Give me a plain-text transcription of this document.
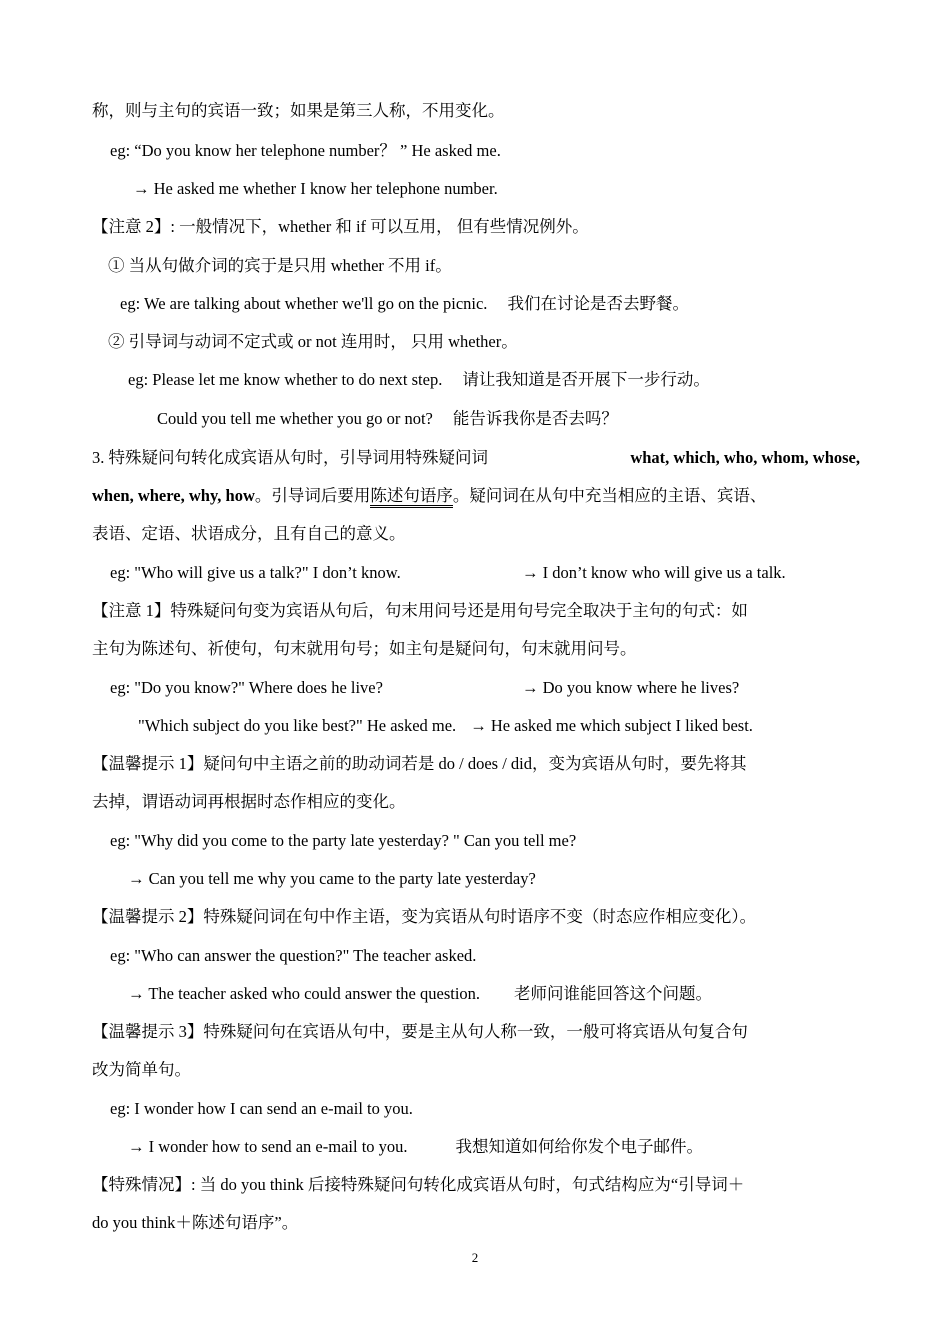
称，则与主句的宾语一致；如果是第三人称，不用变化。
eg: “Do you know her telephone number？ ” He asked me.
→ He asked me whether I know her telephone number.
【注意 2】: 一般情况下，whether 和 if 可以互用， 但有些情况例外。
① 当从句做介词的宾于是只用 whether 不用 if。
eg: We are talking about whether we'll go on the picnic. 我们在讨论是否去野餐。
② 引导词与动词不定式或 or not 连用时， 只用 whether。
eg: Please let me know whether to do next step. 请让我知道是否开展下一步行动。
Could you tell me whether you go or not? 能告诉我你是否去吗？
3. 特殊疑问句转化成宾语从句时，引导词用特殊疑问词	what, which, who, whom, whose,
when, where, why, how。引导词后要用陈述句语序。疑问词在从句中充当相应的主语、宾语、
表语、定语、状语成分，且有自己的意义。
eg: "Who will give us a talk?" I don’t know.	→ I don’t know who will give us a talk.
【注意 1】特殊疑问句变为宾语从句后，句末用问号还是用句号完全取决于主句的句式：如
主句为陈述句、祈使句，句末就用句号；如主句是疑问句，句末就用问号。
eg: "Do you know?" Where does he live?	→ Do you know where he lives?
"Which subject do you like best?" He asked me. → He asked me which subject I liked best.
【温馨提示 1】疑问句中主语之前的助动词若是 do / does / did，变为宾语从句时，要先将其
去掉，谓语动词再根据时态作相应的变化。
eg: "Why did you come to the party late yesterday? " Can you tell me?
→ Can you tell me why you came to the party late yesterday?
【温馨提示 2】特殊疑问词在句中作主语，变为宾语从句时语序不变（时态应作相应变化）。
eg: "Who can answer the question?" The teacher asked.
→ The teacher asked who could answer the question. 老师问谁能回答这个问题。
【温馨提示 3】特殊疑问句在宾语从句中，要是主从句人称一致，一般可将宾语从句复合句
改为简单句。
eg: I wonder how I can send an e-mail to you.
→ I wonder how to send an e-mail to you.	我想知道如何给你发个电子邮件。
【特殊情况】: 当 do you think 后接特殊疑问句转化成宾语从句时，句式结构应为“引导词＋
do you think＋陈述句语序”。
2
